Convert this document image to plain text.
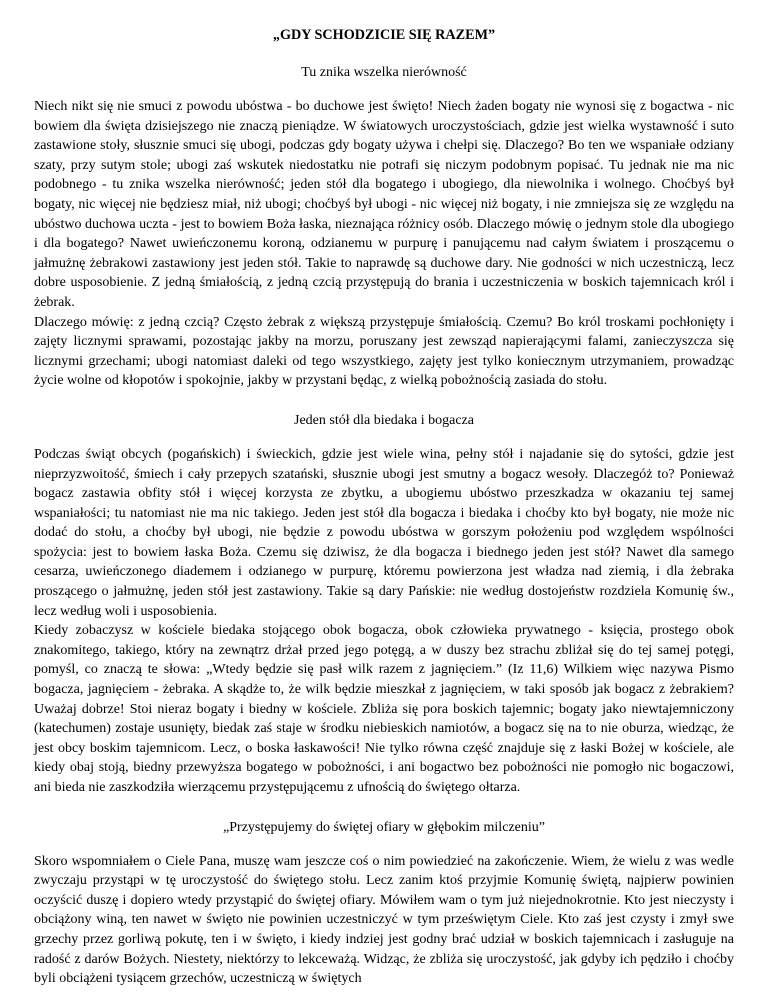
„GDY SCHODZICIE SIĘ RAZEM”
Tu znika wszelka nierówność

Niech nikt się nie smuci z powodu ubóstwa - bo duchowe jest święto! Niech żaden bogaty nie wynosi się z bogactwa - nic bowiem dla święta dzisiejszego nie znaczą pieniądze. W światowych uroczystościach, gdzie jest wielka wystawność i suto zastawione stoły, słusznie smuci się ubogi, podczas gdy bogaty używa i chełpi się. Dlaczego? Bo ten we wspaniałe odziany szaty, przy sutym stole; ubogi zaś wskutek niedostatku nie potrafi się niczym podobnym popisać. Tu jednak nie ma nic podobnego - tu znika wszelka nierówność; jeden stół dla bogatego i ubogiego, dla niewolnika i wolnego. Choćbyś był bogaty, nic więcej nie będziesz miał, niż ubogi; choćbyś był ubogi - nic więcej niż bogaty, i nie zmniejsza się ze względu na ubóstwo duchowa uczta - jest to bowiem Boża łaska, nieznająca różnicy osób. Dlaczego mówię o jednym stole dla ubogiego i dla bogatego? Nawet uwieńczonemu koroną, odzianemu w purpurę i panującemu nad całym światem i proszącemu o jałmużnę żebrakowi zastawiony jest jeden stół. Takie to naprawdę są duchowe dary. Nie godności w nich uczestniczą, lecz dobre usposobienie. Z jedną śmiałością, z jedną czcią przystępują do brania i uczestniczenia w boskich tajemnicach król i żebrak.

Dlaczego mówię: z jedną czcią? Często żebrak z większą przystępuje śmiałością. Czemu? Bo król troskami pochłonięty i zajęty licznymi sprawami, pozostając jakby na morzu, poruszany jest zewsząd napierającymi falami, zanieczyszcza się licznymi grzechami; ubogi natomiast daleki od tego wszystkiego, zajęty jest tylko koniecznym utrzymaniem, prowadząc życie wolne od kłopotów i spokojnie, jakby w przystani będąc, z wielką pobożnością zasiada do stołu.

Jeden stół dla biedaka i bogacza

Podczas świąt obcych (pogańskich) i świeckich, gdzie jest wiele wina, pełny stół i najadanie się do sytości, gdzie jest nieprzyzwoitość, śmiech i cały przepych szatański, słusznie ubogi jest smutny a bogacz wesoły. Dlaczegóż to? Ponieważ bogacz zastawia obfity stół i więcej korzysta ze zbytku, a ubogiemu ubóstwo przeszkadza w okazaniu tej samej wspaniałości; tu natomiast nie ma nic takiego. Jeden jest stół dla bogacza i biedaka i choćby kto był bogaty, nie może nic dodać do stołu, a choćby był ubogi, nie będzie z powodu ubóstwa w gorszym położeniu pod względem wspólności spożycia: jest to bowiem łaska Boża. Czemu się dziwisz, że dla bogacza i biednego jeden jest stół? Nawet dla samego cesarza, uwieńczonego diademem i odzianego w purpurę, któremu powierzona jest władza nad ziemią, i dla żebraka proszącego o jałmużnę, jeden stół jest zastawiony. Takie są dary Pańskie: nie według dostojeństw rozdziela Komunię św., lecz według woli i usposobienia.

Kiedy zobaczysz w kościele biedaka stojącego obok bogacza, obok człowieka prywatnego - księcia, prostego obok znakomitego, takiego, który na zewnątrz drżał przed jego potęgą, a w duszy bez strachu zbliżał się do tej samej potęgi, pomyśl, co znaczą te słowa: „Wtedy będzie się pasł wilk razem z jagnięciem.” (Iz 11,6) Wilkiem więc nazywa Pismo bogacza, jagnięciem - żebraka. A skądże to, że wilk będzie mieszkał z jagnięciem, w taki sposób jak bogacz z żebrakiem? Uważaj dobrze! Stoi nieraz bogaty i biedny w kościele. Zbliża się pora boskich tajemnic; bogaty jako niewtajemniczony (katechumen) zostaje usunięty, biedak zaś staje w środku niebieskich namiotów, a bogacz się na to nie oburza, wiedząc, że jest obcy boskim tajemnicom. Lecz, o boska łaskawości! Nie tylko równa część znajduje się z łaski Bożej w kościele, ale kiedy obaj stoją, biedny przewyższa bogatego w pobożności, i ani bogactwo bez pobożności nie pomogło nic bogaczowi, ani bieda nie zaszkodziła wierzącemu przystępującemu z ufnością do świętego ołtarza.

„Przystępujemy do świętej ofiary w głębokim milczeniu”

Skoro wspomniałem o Ciele Pana, muszę wam jeszcze coś o nim powiedzieć na zakończenie. Wiem, że wielu z was wedle zwyczaju przystąpi w tę uroczystość do świętego stołu. Lecz zanim ktoś przyjmie Komunię świętą, najpierw powinien oczyścić duszę i dopiero wtedy przystąpić do świętej ofiary. Mówiłem wam o tym już niejednokrotnie. Kto jest nieczysty i obciążony winą, ten nawet w święto nie powinien uczestniczyć w tym przeświętym Ciele. Kto zaś jest czysty i zmył swe grzechy przez gorliwą pokutę, ten i w święto, i kiedy indziej jest godny brać udział w boskich tajemnicach i zasługuje na radość z darów Bożych. Niestety, niektórzy to lekceważą. Widząc, że zbliża się uroczystość, jak gdyby ich pędziło i choćby byli obciążeni tysiącem grzechów, uczestniczą w świętych
